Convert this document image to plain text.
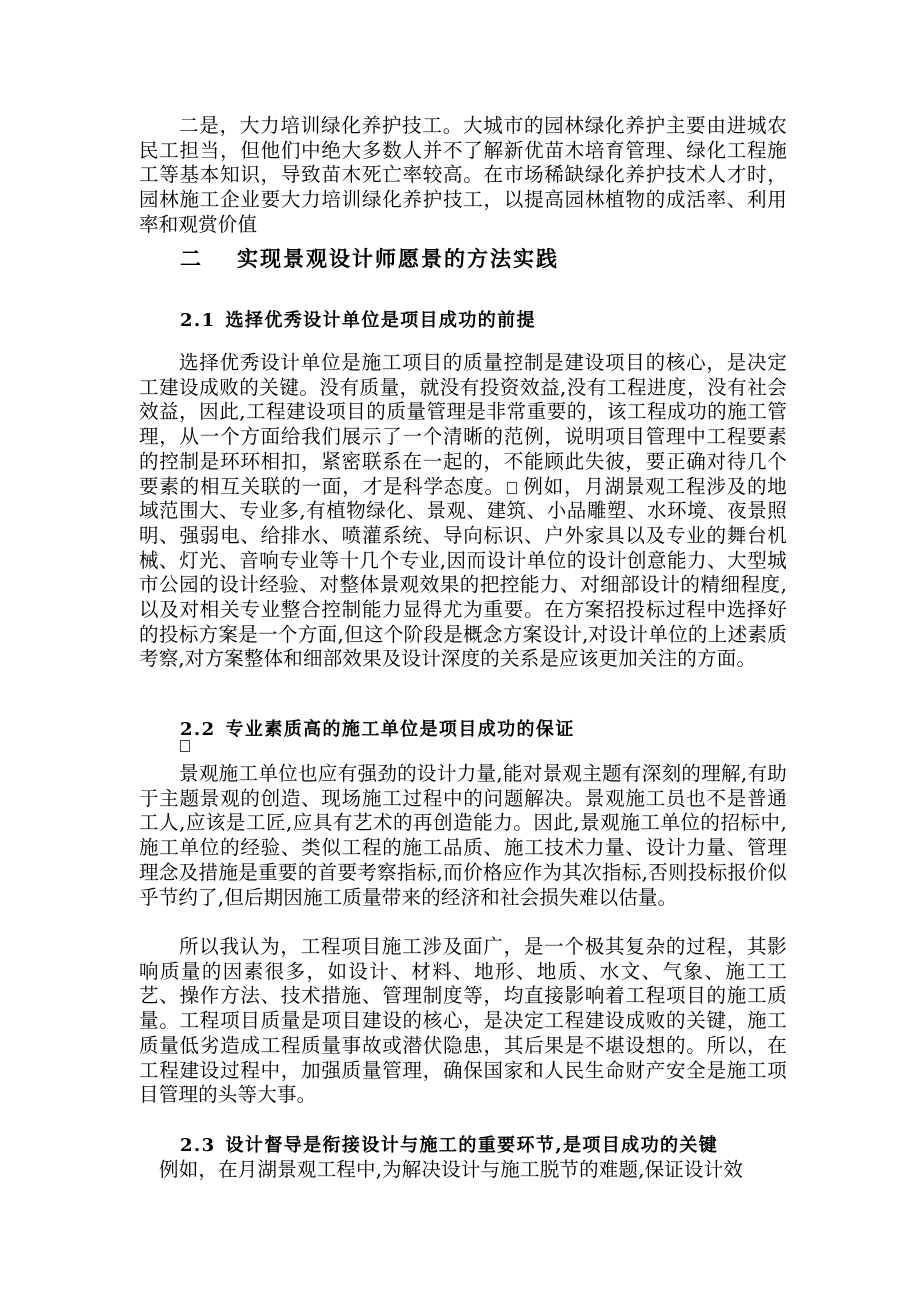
二是，大力培训绿化养护技工。大城市的园林绿化养护主要由进城农民工担当，但他们中绝大多数人并不了解新优苗木培育管理、绿化工程施工等基本知识，导致苗木死亡率较高。在市场稀缺绿化养护技术人才时，园林施工企业要大力培训绿化养护技工，以提高园林植物的成活率、利用率和观赏价值

二 实现景观设计师愿景的方法实践
2.1 选择优秀设计单位是项目成功的前提

选择优秀设计单位是施工项目的质量控制是建设项目的核心，是决定工建设成败的关键。没有质量，就没有投资效益,没有工程进度，没有社会效益，因此,工程建设项目的质量管理是非常重要的，该工程成功的施工管理，从一个方面给我们展示了一个清晰的范例，说明项目管理中工程要素的控制是环环相扣，紧密联系在一起的，不能顾此失彼，要正确对待几个要素的相互关联的一面，才是科学态度。 例如，月湖景观工程涉及的地域范围大、专业多,有植物绿化、景观、建筑、小品雕塑、水环境、夜景照明、强弱电、给排水、喷灌系统、导向标识、户外家具以及专业的舞台机械、灯光、音响专业等十几个专业,因而设计单位的设计创意能力、大型城市公园的设计经验、对整体景观效果的把控能力、对细部设计的精细程度,以及对相关专业整合控制能力显得尤为重要。在方案招投标过程中选择好的投标方案是一个方面,但这个阶段是概念方案设计,对设计单位的上述素质考察,对方案整体和细部效果及设计深度的关系是应该更加关注的方面。

2.2 专业素质高的施工单位是项目成功的保证

景观施工单位也应有强劲的设计力量,能对景观主题有深刻的理解,有助于主题景观的创造、现场施工过程中的问题解决。景观施工员也不是普通工人,应该是工匠,应具有艺术的再创造能力。因此,景观施工单位的招标中,施工单位的经验、类似工程的施工品质、施工技术力量、设计力量、管理理念及措施是重要的首要考察指标,而价格应作为其次指标,否则投标报价似乎节约了,但后期因施工质量带来的经济和社会损失难以估量。

所以我认为，工程项目施工涉及面广，是一个极其复杂的过程，其影响质量的因素很多，如设计、材料、地形、地质、水文、气象、施工工艺、操作方法、技术措施、管理制度等，均直接影响着工程项目的施工质量。工程项目质量是项目建设的核心，是决定工程建设成败的关键，施工质量低劣造成工程质量事故或潜伏隐患，其后果是不堪设想的。所以，在工程建设过程中，加强质量管理，确保国家和人民生命财产安全是施工项目管理的头等大事。

2.3 设计督导是衔接设计与施工的重要环节,是项目成功的关键

例如，在月湖景观工程中,为解决设计与施工脱节的难题,保证设计效
